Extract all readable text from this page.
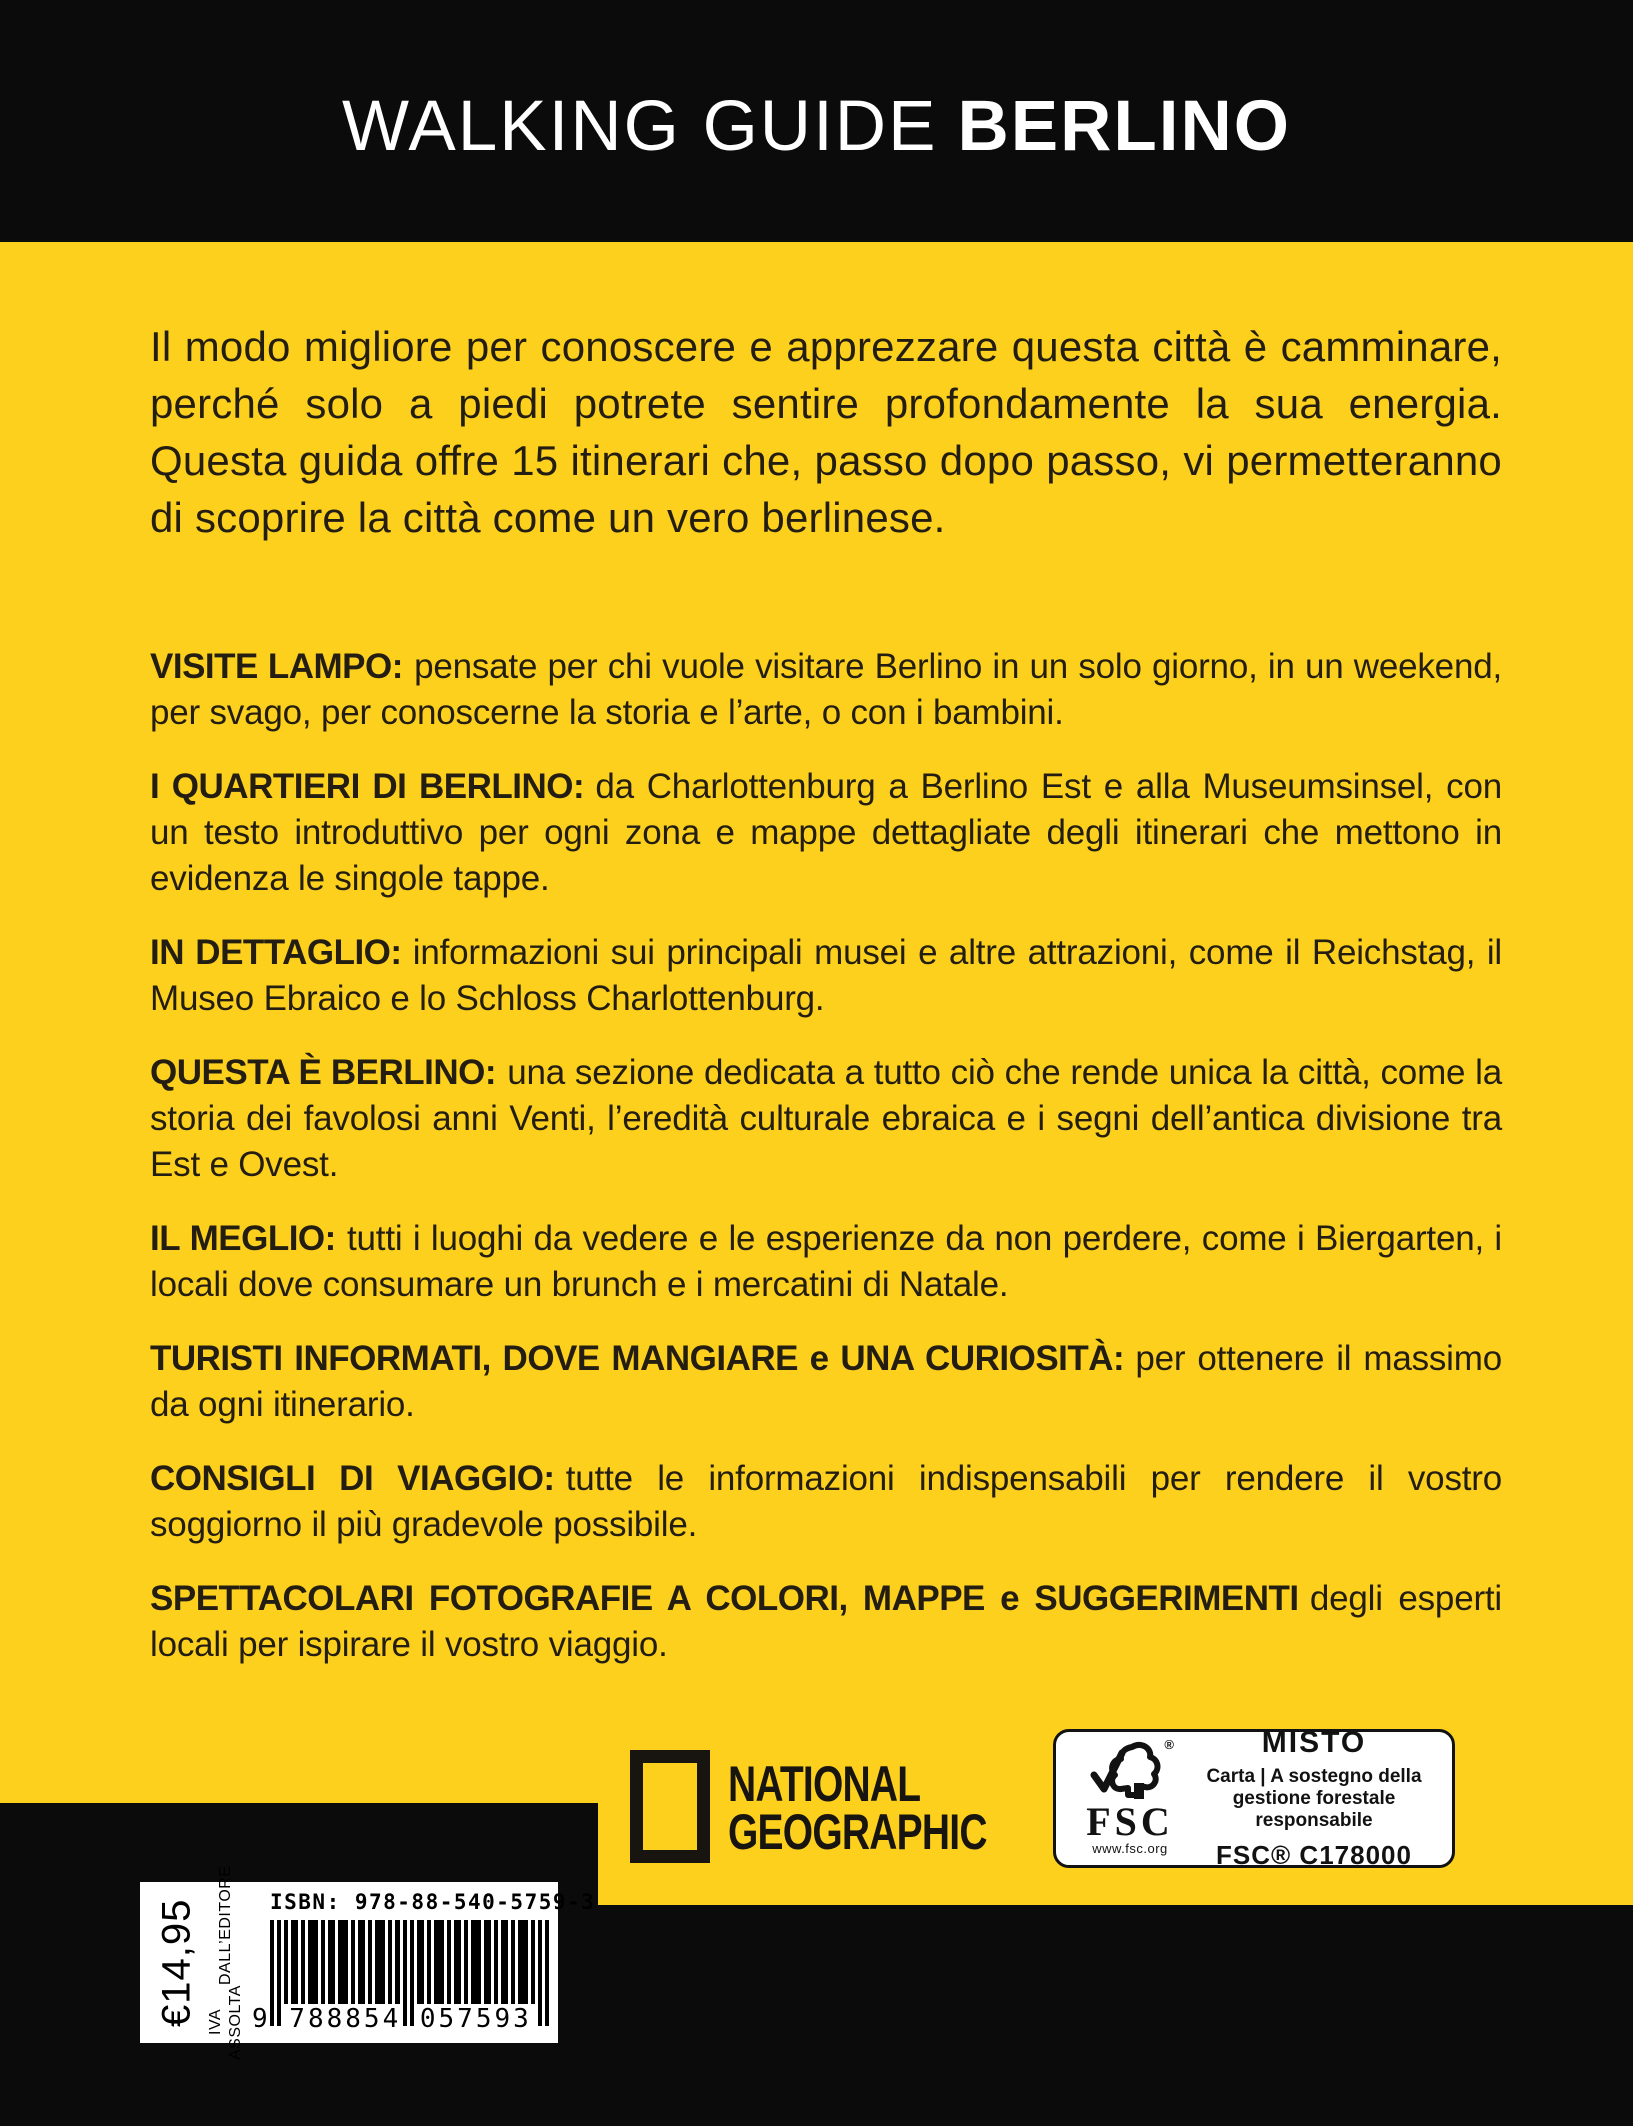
WALKING GUIDE BERLINO

Il modo migliore per conoscere e apprezzare questa città è camminare, perché solo a piedi potrete sentire profondamente la sua energia. Questa guida offre 15 itinerari che, passo dopo passo, vi permetteranno di scoprire la città come un vero berlinese.

VISITE LAMPO: pensate per chi vuole visitare Berlino in un solo giorno, in un weekend, per svago, per conoscerne la storia e l’arte, o con i bambini.

I QUARTIERI DI BERLINO: da Charlottenburg a Berlino Est e alla Museumsinsel, con un testo introduttivo per ogni zona e mappe dettagliate degli itinerari che mettono in evidenza le singole tappe.

IN DETTAGLIO: informazioni sui principali musei e altre attrazioni, come il Reichstag, il Museo Ebraico e lo Schloss Charlottenburg.

QUESTA È BERLINO: una sezione dedicata a tutto ciò che rende unica la città, come la storia dei favolosi anni Venti, l’eredità culturale ebraica e i segni dell’antica divisione tra Est e Ovest.

IL MEGLIO: tutti i luoghi da vedere e le esperienze da non perdere, come i Biergarten, i locali dove consumare un brunch e i mercatini di Natale.

TURISTI INFORMATI, DOVE MANGIARE e UNA CURIOSITÀ: per ottenere il massimo da ogni itinerario.

CONSIGLI DI VIAGGIO: tutte le informazioni indispensabili per rendere il vostro soggiorno il più gradevole possibile.

SPETTACOLARI FOTOGRAFIE A COLORI, MAPPE e SUGGERIMENTI degli esperti locali per ispirare il vostro viaggio.

NATIONAL
GEOGRAPHIC
®
FSC
www.fsc.org
MISTO
Carta | A sostegno della
gestione forestale responsabile
FSC® C178000
€14,95 IVA ASSOLTA
DALL’EDITORE ISBN: 978-88-540-5759-3
9 788854 057593
